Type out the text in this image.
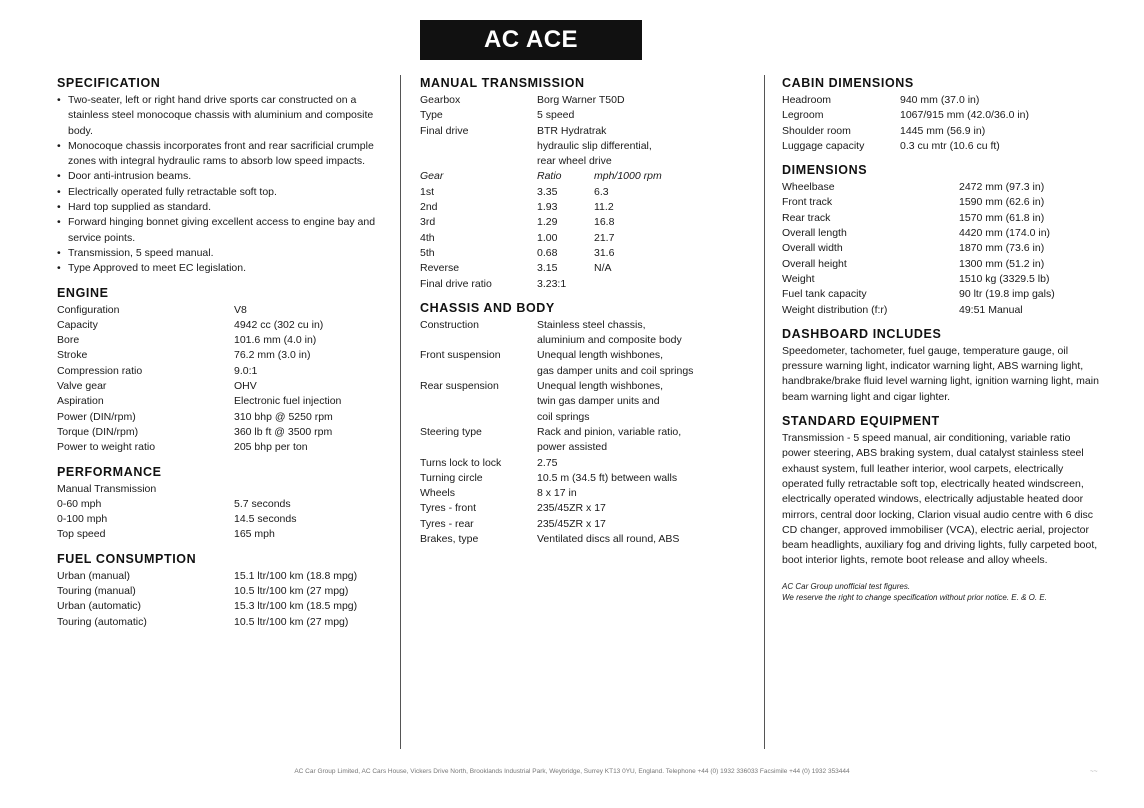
AC ACE
SPECIFICATION
• Two-seater, left or right hand drive sports car constructed on a stainless steel monocoque chassis with aluminium and composite body.
• Monocoque chassis incorporates front and rear sacrificial crumple zones with integral hydraulic rams to absorb low speed impacts.
• Door anti-intrusion beams.
• Electrically operated fully retractable soft top.
• Hard top supplied as standard.
• Forward hinging bonnet giving excellent access to engine bay and service points.
• Transmission, 5 speed manual.
• Type Approved to meet EC legislation.
ENGINE
Configuration	V8
Capacity	4942 cc (302 cu in)
Bore	101.6 mm (4.0 in)
Stroke	76.2 mm (3.0 in)
Compression ratio	9.0:1
Valve gear	OHV
Aspiration	Electronic fuel injection
Power (DIN/rpm)	310 bhp @ 5250 rpm
Torque (DIN/rpm)	360 lb ft @ 3500 rpm
Power to weight ratio	205 bhp per ton
PERFORMANCE
Manual Transmission
0-60 mph	5.7 seconds
0-100 mph	14.5 seconds
Top speed	165 mph
FUEL CONSUMPTION
Urban (manual)	15.1 ltr/100 km (18.8 mpg)
Touring (manual)	10.5 ltr/100 km (27 mpg)
Urban (automatic)	15.3 ltr/100 km (18.5 mpg)
Touring (automatic)	10.5 ltr/100 km (27 mpg)
MANUAL TRANSMISSION
Gearbox	Borg Warner T50D
Type	5 speed
Final drive	BTR Hydratrak
hydraulic slip differential,
rear wheel drive
Gear	Ratio	mph/1000 rpm
1st	3.35	6.3
2nd	1.93	11.2
3rd	1.29	16.8
4th	1.00	21.7
5th	0.68	31.6
Reverse	3.15	N/A
Final drive ratio	3.23:1
CHASSIS AND BODY
Construction	Stainless steel chassis,
aluminium and composite body
Front suspension	Unequal length wishbones,
gas damper units and coil springs
Rear suspension	Unequal length wishbones,
twin gas damper units and
coil springs
Steering type	Rack and pinion, variable ratio,
power assisted
Turns lock to lock	2.75
Turning circle	10.5 m (34.5 ft) between walls
Wheels	8 x 17 in
Tyres - front	235/45ZR x 17
Tyres - rear	235/45ZR x 17
Brakes, type	Ventilated discs all round, ABS
CABIN DIMENSIONS
Headroom	940 mm (37.0 in)
Legroom	1067/915 mm (42.0/36.0 in)
Shoulder room	1445 mm (56.9 in)
Luggage capacity	0.3 cu mtr (10.6 cu ft)
DIMENSIONS
Wheelbase	2472 mm (97.3 in)
Front track	1590 mm (62.6 in)
Rear track	1570 mm (61.8 in)
Overall length	4420 mm (174.0 in)
Overall width	1870 mm (73.6 in)
Overall height	1300 mm (51.2 in)
Weight	1510 kg (3329.5 lb)
Fuel tank capacity	90 ltr (19.8 imp gals)
Weight distribution (f:r)	49:51 Manual
DASHBOARD INCLUDES
Speedometer, tachometer, fuel gauge, temperature gauge, oil pressure warning light, indicator warning light, ABS warning light, handbrake/brake fluid level warning light, ignition warning light, main beam warning light and cigar lighter.
STANDARD EQUIPMENT
Transmission - 5 speed manual, air conditioning, variable ratio power steering, ABS braking system, dual catalyst stainless steel exhaust system, full leather interior, wool carpets, electrically operated fully retractable soft top, electrically heated windscreen, electrically operated windows, electrically adjustable heated door mirrors, central door locking, Clarion visual audio centre with 6 disc CD changer, approved immobiliser (VCA), electric aerial, projector beam headlights, auxiliary fog and driving lights, fully carpeted boot, boot interior lights, remote boot release and alloy wheels.
AC Car Group unofficial test figures.
We reserve the right to change specification without prior notice. E. & O. E.
AC Car Group Limited, AC Cars House, Vickers Drive North, Brooklands Industrial Park, Weybridge, Surrey KT13 0YU, England. Telephone +44 (0) 1932 336033 Facsimile +44 (0) 1932 353444	~~
